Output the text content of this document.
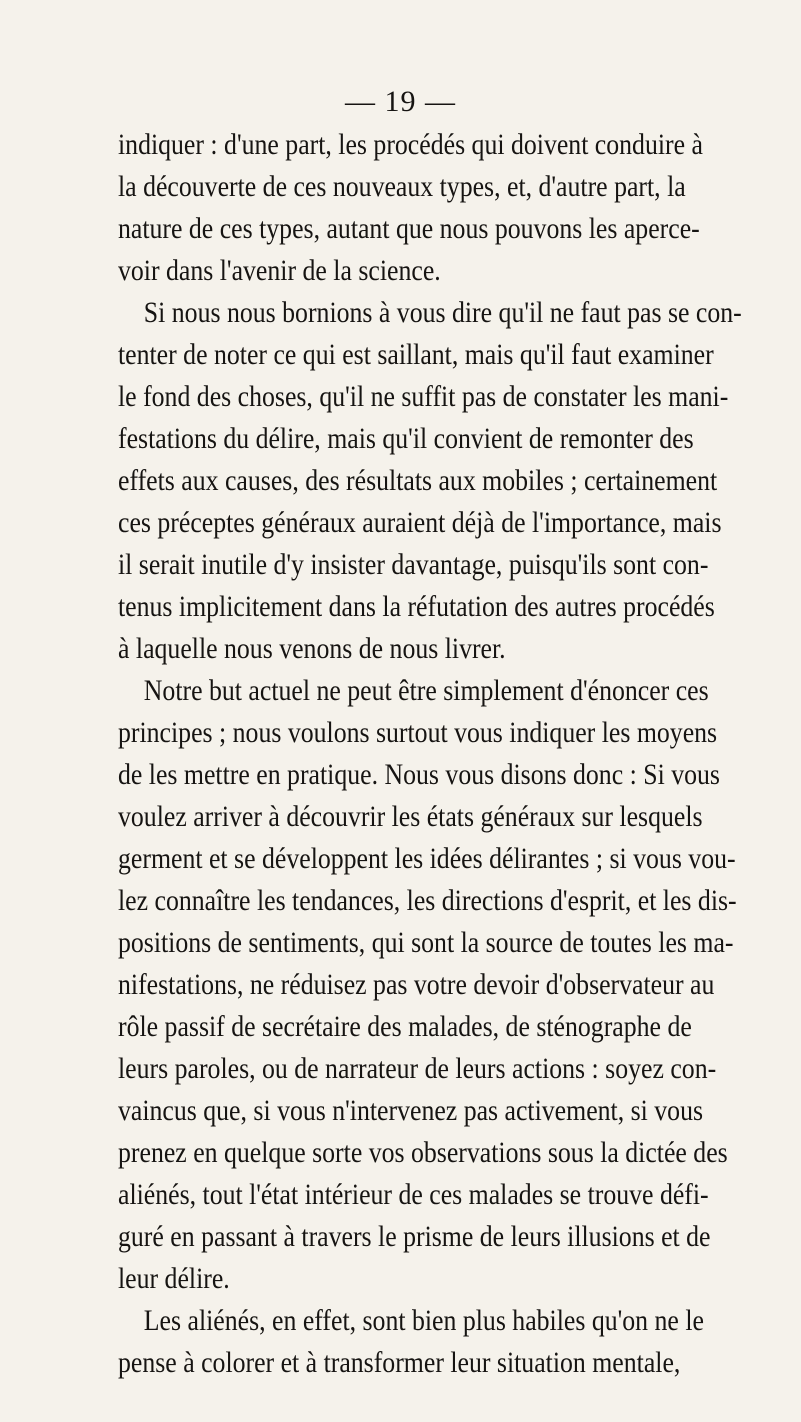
— 19 —
indiquer : d'une part, les procédés qui doivent conduire à
la découverte de ces nouveaux types, et, d'autre part, la
nature de ces types, autant que nous pouvons les aperce-
voir dans l'avenir de la science.
Si nous nous bornions à vous dire qu'il ne faut pas se con-
tenter de noter ce qui est saillant, mais qu'il faut examiner
le fond des choses, qu'il ne suffit pas de constater les mani-
festations du délire, mais qu'il convient de remonter des
effets aux causes, des résultats aux mobiles ; certainement
ces préceptes généraux auraient déjà de l'importance, mais
il serait inutile d'y insister davantage, puisqu'ils sont con-
tenus implicitement dans la réfutation des autres procédés
à laquelle nous venons de nous livrer.
Notre but actuel ne peut être simplement d'énoncer ces
principes ; nous voulons surtout vous indiquer les moyens
de les mettre en pratique. Nous vous disons donc : Si vous
voulez arriver à découvrir les états généraux sur lesquels
germent et se développent les idées délirantes ; si vous vou-
lez connaître les tendances, les directions d'esprit, et les dis-
positions de sentiments, qui sont la source de toutes les ma-
nifestations, ne réduisez pas votre devoir d'observateur au
rôle passif de secrétaire des malades, de sténographe de
leurs paroles, ou de narrateur de leurs actions : soyez con-
vaincus que, si vous n'intervenez pas activement, si vous
prenez en quelque sorte vos observations sous la dictée des
aliénés, tout l'état intérieur de ces malades se trouve défi-
guré en passant à travers le prisme de leurs illusions et de
leur délire.
Les aliénés, en effet, sont bien plus habiles qu'on ne le
pense à colorer et à transformer leur situation mentale,
